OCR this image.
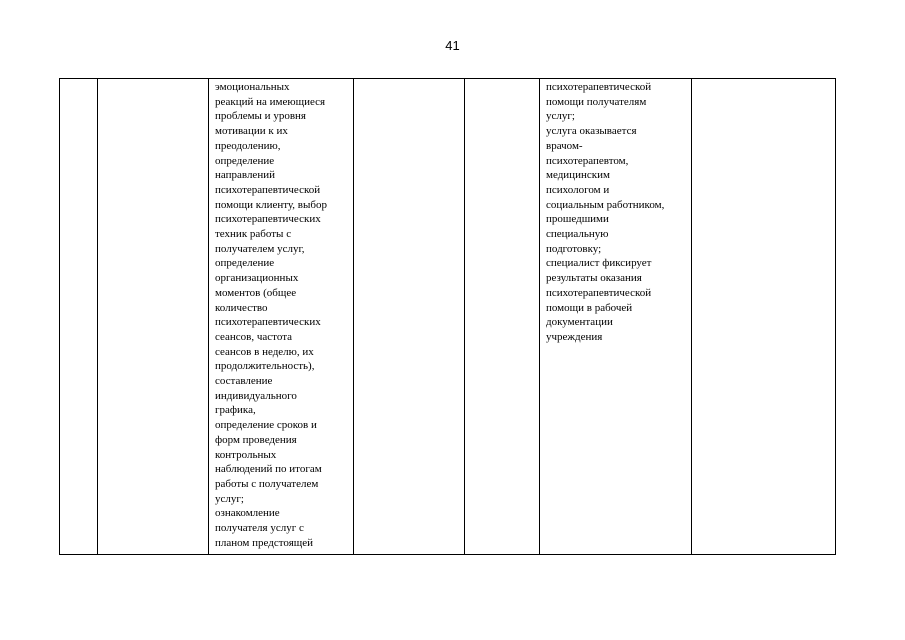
41

эмоциональных
реакций на имеющиеся
проблемы и уровня
мотивации к их
преодолению,
определение
направлений
психотерапевтической
помощи клиенту, выбор
психотерапевтических
техник работы с
получателем услуг,
определение
организационных
моментов (общее
количество
психотерапевтических
сеансов, частота
сеансов в неделю, их
продолжительность),
составление
индивидуального
графика,
определение сроков и
форм проведения
контрольных
наблюдений по итогам
работы с получателем
услуг;
ознакомление
получателя услуг с
планом предстоящей

психотерапевтической
помощи получателям
услуг;
услуга оказывается
врачом-
психотерапевтом,
медицинским
психологом и
социальным работником,
прошедшими
специальную
подготовку;
специалист фиксирует
результаты оказания
психотерапевтической
помощи в рабочей
документации
учреждения
